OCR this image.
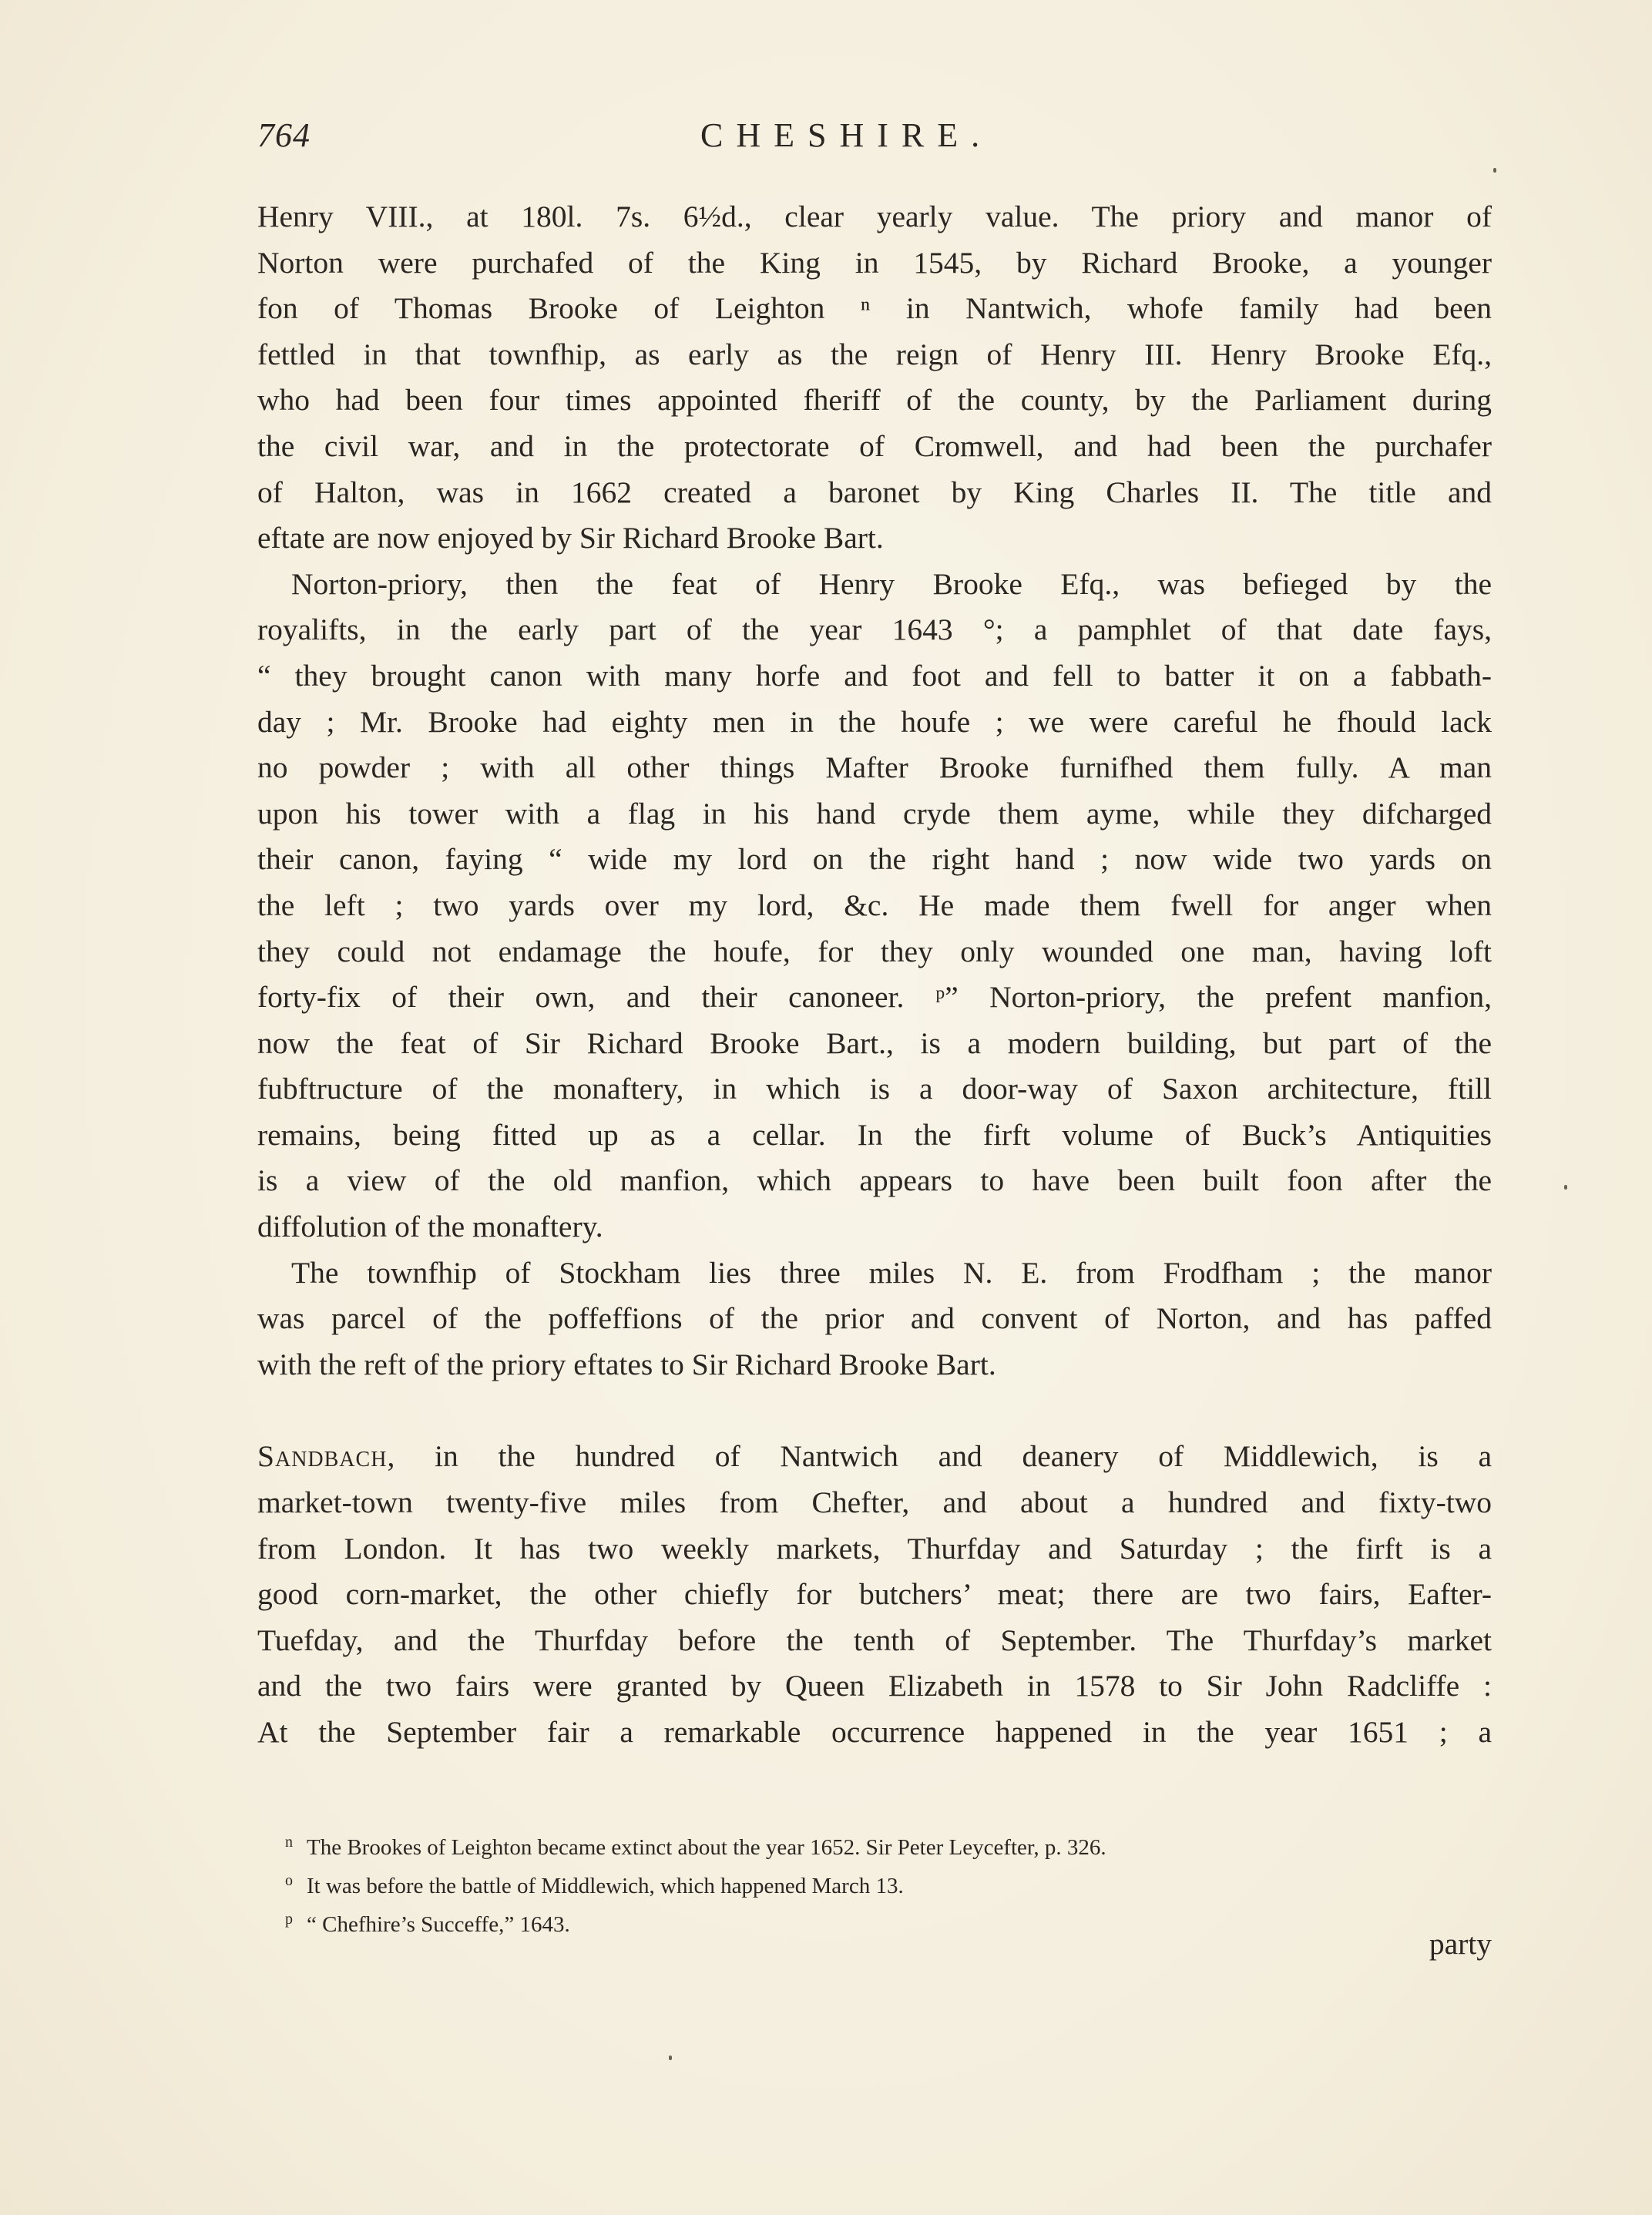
764	CHESHIRE.

Henry VIII., at 180l. 7s. 6½d., clear yearly value. The priory and manor of

Norton were purchafed of the King in 1545, by Richard Brooke, a younger

fon of Thomas Brooke of Leighton ⁿ in Nantwich, whofe family had been

fettled in that townfhip, as early as the reign of Henry III. Henry Brooke Efq.,

who had been four times appointed fheriff of the county, by the Parliament during

the civil war, and in the protectorate of Cromwell, and had been the purchafer

of Halton, was in 1662 created a baronet by King Charles II. The title and

eftate are now enjoyed by Sir Richard Brooke Bart.

Norton-priory, then the feat of Henry Brooke Efq., was befieged by the

royalifts, in the early part of the year 1643 °; a pamphlet of that date fays,

“ they brought canon with many horfe and foot and fell to batter it on a fabbath-

day ; Mr. Brooke had eighty men in the houfe ; we were careful he fhould lack

no powder ; with all other things Mafter Brooke furnifhed them fully. A man

upon his tower with a flag in his hand cryde them ayme, while they difcharged

their canon, faying “ wide my lord on the right hand ; now wide two yards on

the left ; two yards over my lord, &c. He made them fwell for anger when

they could not endamage the houfe, for they only wounded one man, having loft

forty-fix of their own, and their canoneer. ᵖ” Norton-priory, the prefent manfion,

now the feat of Sir Richard Brooke Bart., is a modern building, but part of the

fubftructure of the monaftery, in which is a door-way of Saxon architecture, ftill

remains, being fitted up as a cellar. In the firft volume of Buck’s Antiquities

is a view of the old manfion, which appears to have been built foon after the

diffolution of the monaftery.

The townfhip of Stockham lies three miles N. E. from Frodfham ; the manor

was parcel of the poffeffions of the prior and convent of Norton, and has paffed

with the reft of the priory eftates to Sir Richard Brooke Bart.

Sandbach, in the hundred of Nantwich and deanery of Middlewich, is a

market-town twenty-five miles from Chefter, and about a hundred and fixty-two

from London. It has two weekly markets, Thurfday and Saturday ; the firft is a

good corn-market, the other chiefly for butchers’ meat; there are two fairs, Eafter-

Tuefday, and the Thurfday before the tenth of September. The Thurfday’s market

and the two fairs were granted by Queen Elizabeth in 1578 to Sir John Radcliffe :

At the September fair a remarkable occurrence happened in the year 1651 ; a

$^n$ The Brookes of Leighton became extinct about the year 1652. Sir Peter Leycefter, p. 326.

$^o$ It was before the battle of Middlewich, which happened March 13.

$^p$ “ Chefhire’s Succeffe,” 1643.

party
